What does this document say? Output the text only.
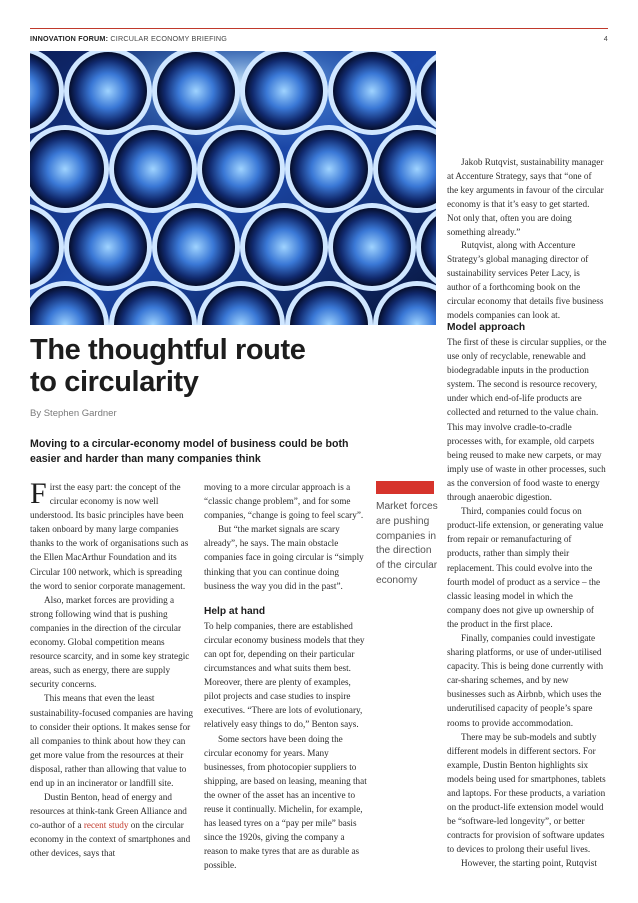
INNOVATION FORUM: CIRCULAR ECONOMY BRIEFING	4

Jakob Rutqvist, sustainability manager at Accenture Strategy, says that “one of the key arguments in favour of the circular economy is that it’s easy to get started. Not only that, often you are doing something already.”

Rutqvist, along with Accenture Strategy’s global managing director of sustainability services Peter Lacy, is author of a forthcoming book on the circular economy that details five business models companies can look at.

The thoughtful route
to circularity
By Stephen Gardner
Moving to a circular-economy model of business could be both easier and harder than many companies think

First the easy part: the concept of the circular economy is now well understood. Its basic principles have been taken onboard by many large companies thanks to the work of organisations such as the Ellen MacArthur Foundation and its Circular 100 network, which is spreading the word to senior corporate management.

Also, market forces are providing a strong following wind that is pushing companies in the direction of the circular economy. Global competition means resource scarcity, and in some key strategic areas, such as energy, there are supply security concerns.

This means that even the least sustainability-focused companies are having to consider their options. It makes sense for all companies to think about how they can get more value from the resources at their disposal, rather than allowing that value to end up in an incinerator or landfill site.

Dustin Benton, head of energy and resources at think-tank Green Alliance and co-author of a recent study on the circular economy in the context of smartphones and other devices, says that

moving to a more circular approach is a “classic change problem”, and for some companies, “change is going to feel scary”.

But “the market signals are scary already”, he says. The main obstacle companies face in going circular is “simply thinking that you can continue doing business the way you did in the past”.

Help at hand

To help companies, there are established circular economy business models that they can opt for, depending on their particular circumstances and what suits them best. Moreover, there are plenty of examples, pilot projects and case studies to inspire executives. “There are lots of evolutionary, relatively easy things to do,” Benton says.

Some sectors have been doing the circular economy for years. Many businesses, from photocopier suppliers to shipping, are based on leasing, meaning that the owner of the asset has an incentive to reuse it continually. Michelin, for example, has leased tyres on a “pay per mile” basis since the 1920s, giving the company a reason to make tyres that are as durable as possible.

Market forces are pushing companies in the direction of the circular economy

Model approach

The first of these is circular supplies, or the use only of recyclable, renewable and biodegradable inputs in the production system. The second is resource recovery, under which end-of-life products are collected and returned to the value chain. This may involve cradle-to-cradle processes with, for example, old carpets being reused to make new carpets, or may imply use of waste in other processes, such as the conversion of food waste to energy through anaerobic digestion.

Third, companies could focus on product-life extension, or generating value from repair or remanufacturing of products, rather than simply their replacement. This could evolve into the fourth model of product as a service – the classic leasing model in which the company does not give up ownership of the product in the first place.

Finally, companies could investigate sharing platforms, or use of under-utilised capacity. This is being done currently with car-sharing schemes, and by new businesses such as Airbnb, which uses the underutilised capacity of people’s spare rooms to provide accommodation.

There may be sub-models and subtly different models in different sectors. For example, Dustin Benton highlights six models being used for smartphones, tablets and laptops. For these products, a variation on the product-life extension model would be “software-led longevity”, or better contracts for provision of software updates to devices to prolong their useful lives.

However, the starting point, Rutqvist
